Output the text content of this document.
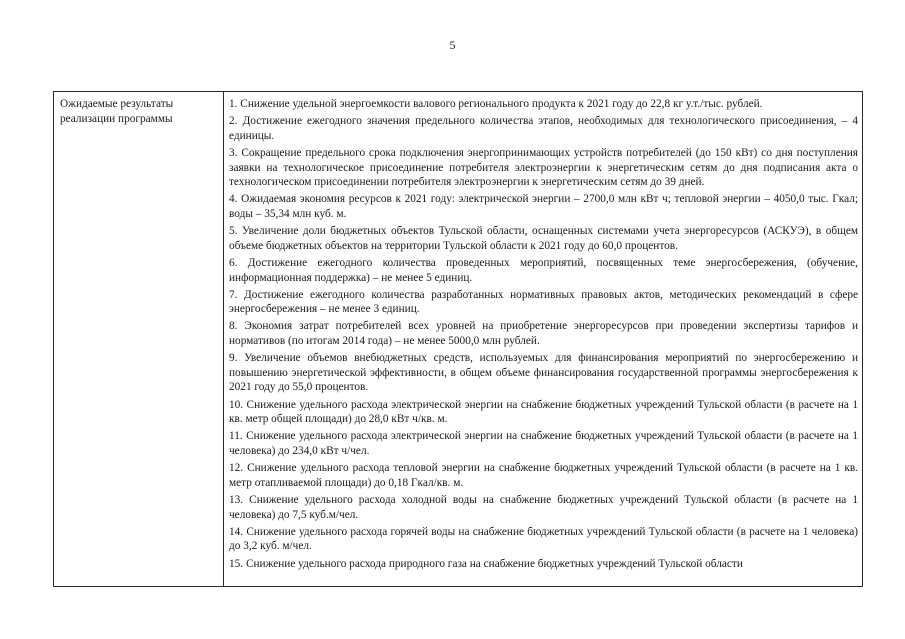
5
Ожидаемые результаты реализации программы

1. Снижение удельной энергоемкости валового регионального продукта к 2021 году до 22,8 кг у.т./тыс. рублей.

2. Достижение ежегодного значения предельного количества этапов, необходимых для технологического присоединения, – 4 единицы.

3. Сокращение предельного срока подключения энергопринимающих устройств потребителей (до 150 кВт) со дня поступления заявки на технологическое присоединение потребителя электроэнергии к энергетическим сетям до дня подписания акта о технологическом присоединении потребителя электроэнергии к энергетическим сетям до 39 дней.

4. Ожидаемая экономия ресурсов к 2021 году: электрической энергии – 2700,0 млн кВт ч; тепловой энергии – 4050,0 тыс. Гкал; воды – 35,34 млн куб. м.

5. Увеличение доли бюджетных объектов Тульской области, оснащенных системами учета энергоресурсов (АСКУЭ), в общем объеме бюджетных объектов на территории Тульской области к 2021 году до 60,0 процентов.

6. Достижение ежегодного количества проведенных мероприятий, посвященных теме энергосбережения, (обучение, информационная поддержка) – не менее 5 единиц.

7. Достижение ежегодного количества разработанных нормативных правовых актов, методических рекомендаций в сфере энергосбережения – не менее 3 единиц.

8. Экономия затрат потребителей всех уровней на приобретение энергоресурсов при проведении экспертизы тарифов и нормативов (по итогам 2014 года) – не менее 5000,0 млн рублей.

9. Увеличение объемов внебюджетных средств, используемых для финансирования мероприятий по энергосбережению и повышению энергетической эффективности, в общем объеме финансирования государственной программы энергосбережения к 2021 году до 55,0 процентов.

10. Снижение удельного расхода электрической энергии на снабжение бюджетных учреждений Тульской области (в расчете на 1 кв. метр общей площади) до 28,0 кВт ч/кв. м.

11. Снижение удельного расхода электрической энергии на снабжение бюджетных учреждений Тульской области (в расчете на 1 человека) до 234,0 кВт ч/чел.

12. Снижение удельного расхода тепловой энергии на снабжение бюджетных учреждений Тульской области (в расчете на 1 кв. метр отапливаемой площади) до 0,18 Гкал/кв. м.

13. Снижение удельного расхода холодной воды на снабжение бюджетных учреждений Тульской области (в расчете на 1 человека) до 7,5 куб.м/чел.

14. Снижение удельного расхода горячей воды на снабжение бюджетных учреждений Тульской области (в расчете на 1 человека) до 3,2 куб. м/чел.

15. Снижение удельного расхода природного газа на снабжение бюджетных учреждений Тульской области
